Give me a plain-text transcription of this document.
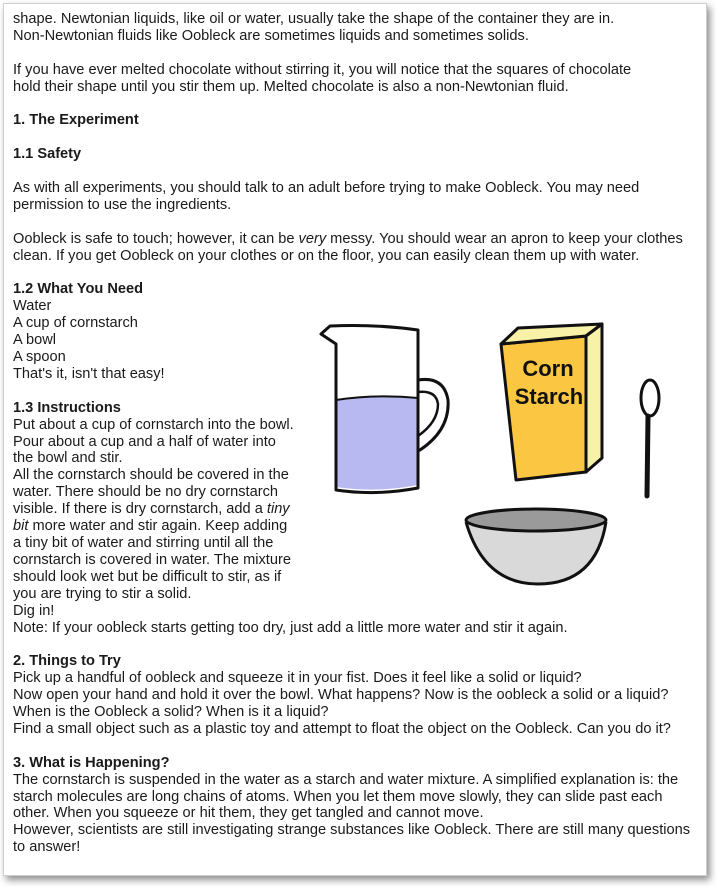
shape. Newtonian liquids, like oil or water, usually take the shape of the container they are in.
Non-Newtonian fluids like Oobleck are sometimes liquids and sometimes solids.

If you have ever melted chocolate without stirring it, you will notice that the squares of chocolate
hold their shape until you stir them up. Melted chocolate is also a non-Newtonian fluid.

1. The Experiment
1.1 Safety

As with all experiments, you should talk to an adult before trying to make Oobleck. You may need
permission to use the ingredients.

Oobleck is safe to touch; however, it can be very messy. You should wear an apron to keep your clothes
clean. If you get Oobleck on your clothes or on the floor, you can easily clean them up with water.

1.2 What You Need

Water

A cup of cornstarch

A bowl

A spoon

That's it, isn't that easy!

1.3 Instructions
Put about a cup of cornstarch into the bowl.
Pour about a cup and a half of water into
the bowl and stir.
All the cornstarch should be covered in the
water. There should be no dry cornstarch
visible. If there is dry cornstarch, add a tiny
bit more water and stir again. Keep adding
a tiny bit of water and stirring until all the
cornstarch is covered in water. The mixture
should look wet but be difficult to stir, as if
you are trying to stir a solid.
Dig in!

Note: If your oobleck starts getting too dry, just add a little more water and stir it again.

2. Things to Try

Pick up a handful of oobleck and squeeze it in your fist. Does it feel like a solid or liquid?

Now open your hand and hold it over the bowl. What happens? Now is the oobleck a solid or a liquid?

When is the Oobleck a solid? When is it a liquid?

Find a small object such as a plastic toy and attempt to float the object on the Oobleck. Can you do it?

3. What is Happening?

The cornstarch is suspended in the water as a starch and water mixture. A simplified explanation is: the

starch molecules are long chains of atoms. When you let them move slowly, they can slide past each

other. When you squeeze or hit them, they get tangled and cannot move.

However, scientists are still investigating strange substances like Oobleck. There are still many questions

to answer!

Corn
Starch
